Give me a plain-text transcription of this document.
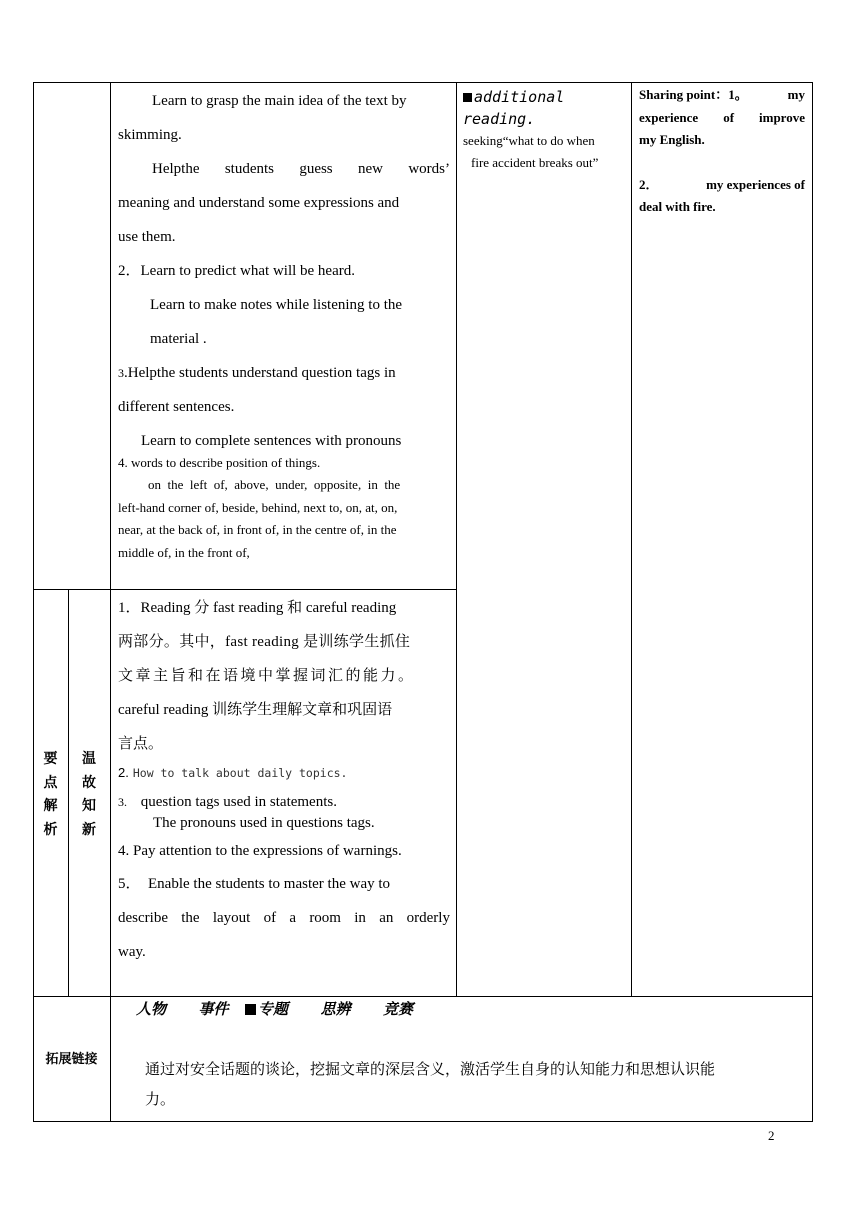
Learn to grasp the main idea of the text by

skimming.

Helpthe students guess new words’

meaning and understand some expressions and

use them.

2．Learn to predict what will be heard.

Learn to make notes while listening to the

material .

3.Helpthe students understand question tags in

different sentences.

Learn to complete sentences with pronouns

4. words to describe position of things.

on  the  left  of,  above,  under,  opposite,  in  the

left-hand corner of, beside, behind, next to, on, at, on,

near, at the back of, in front of, in the centre of, in the

middle of, in the front of,

additional
reading.
seeking“what to do when
fire accident breaks out”
Sharing point：1。	my
experience of improve
my English.
2．	my experiences of
deal with fire.
要
点
解
析
温
故
知
新

1．Reading 分 fast reading 和 careful reading

两部分。其中，fast reading 是训练学生抓住

文章主旨和在语境中掌握词汇的能力。

careful reading 训练学生理解文章和巩固语

言点。

2. How to talk about daily topics.

3. question tags used in statements.

The pronouns used in questions tags.

4. Pay attention to the expressions of warnings.

5．  Enable the students to master the way to

describe the layout of a room in an orderly

way.

拓展链接
人物 事件 专题 思辨 竞赛
通过对安全话题的谈论，挖掘文章的深层含义，激活学生自身的认知能力和思想认识能
力。
2
